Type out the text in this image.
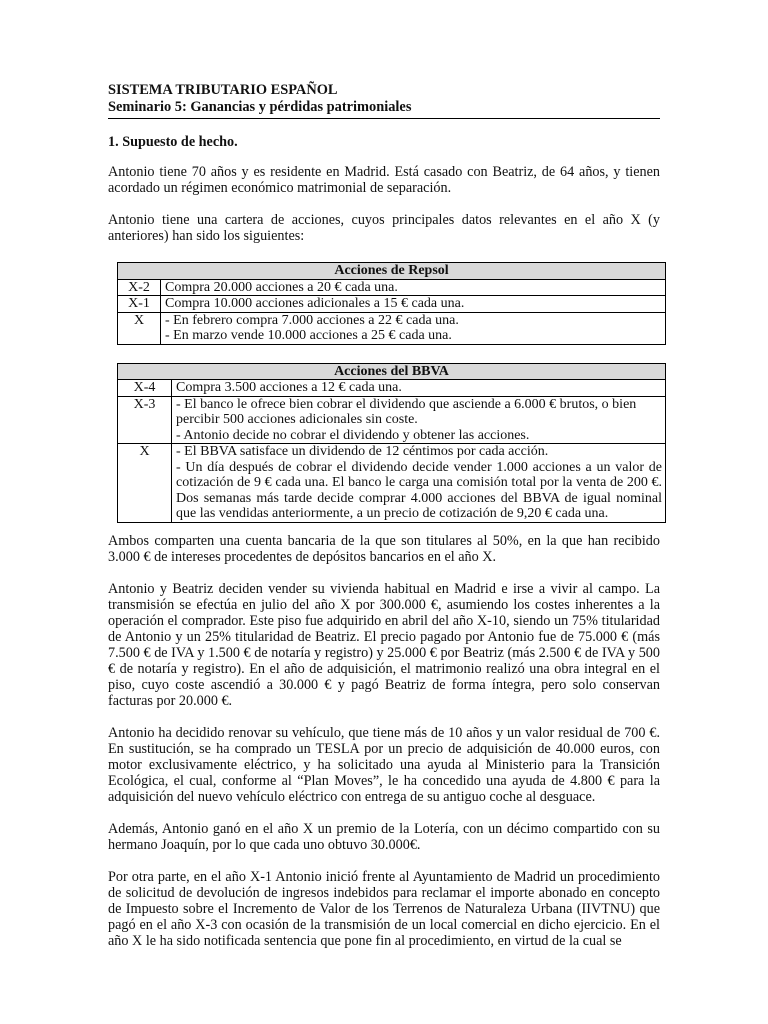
SISTEMA TRIBUTARIO ESPAÑOL
Seminario 5: Ganancias y pérdidas patrimoniales
1. Supuesto de hecho.

Antonio tiene 70 años y es residente en Madrid. Está casado con Beatriz, de 64 años, y tienen acordado un régimen económico matrimonial de separación.

Antonio tiene una cartera de acciones, cuyos principales datos relevantes en el año X (y anteriores) han sido los siguientes:

Acciones de Repsol	
X-2	Compra 20.000 acciones a 20 € cada una.

X-1	Compra 10.000 acciones adicionales a 15 € cada una.

X	- En febrero compra 7.000 acciones a 22 € cada una.
- En marzo vende 10.000 acciones a 25 € cada una.
Acciones del BBVA	
X-4	Compra 3.500 acciones a 12 € cada una.

X-3	- El banco le ofrece bien cobrar el dividendo que asciende a 6.000 € brutos, o bien percibir 500 acciones adicionales sin coste.
- Antonio decide no cobrar el dividendo y obtener las acciones.

X	- El BBVA satisface un dividendo de 12 céntimos por cada acción.
- Un día después de cobrar el dividendo decide vender 1.000 acciones a un valor de cotización de 9 € cada una. El banco le carga una comisión total por la venta de 200 €. Dos semanas más tarde decide comprar 4.000 acciones del BBVA de igual nominal que las vendidas anteriormente, a un precio de cotización de 9,20 € cada una.

Ambos comparten una cuenta bancaria de la que son titulares al 50%, en la que han recibido 3.000 € de intereses procedentes de depósitos bancarios en el año X.

Antonio y Beatriz deciden vender su vivienda habitual en Madrid e irse a vivir al campo. La transmisión se efectúa en julio del año X por 300.000 €, asumiendo los costes inherentes a la operación el comprador. Este piso fue adquirido en abril del año X-10, siendo un 75% titularidad de Antonio y un 25% titularidad de Beatriz. El precio pagado por Antonio fue de 75.000 € (más 7.500 € de IVA y 1.500 € de notaría y registro) y 25.000 € por Beatriz (más 2.500 € de IVA y 500 € de notaría y registro). En el año de adquisición, el matrimonio realizó una obra integral en el piso, cuyo coste ascendió a 30.000 € y pagó Beatriz de forma íntegra, pero solo conservan facturas por 20.000 €.

Antonio ha decidido renovar su vehículo, que tiene más de 10 años y un valor residual de 700 €. En sustitución, se ha comprado un TESLA por un precio de adquisición de 40.000 euros, con motor exclusivamente eléctrico, y ha solicitado una ayuda al Ministerio para la Transición Ecológica, el cual, conforme al “Plan Moves”, le ha concedido una ayuda de 4.800 € para la adquisición del nuevo vehículo eléctrico con entrega de su antiguo coche al desguace.

Además, Antonio ganó en el año X un premio de la Lotería, con un décimo compartido con su hermano Joaquín, por lo que cada uno obtuvo 30.000€.

Por otra parte, en el año X-1 Antonio inició frente al Ayuntamiento de Madrid un procedimiento de solicitud de devolución de ingresos indebidos para reclamar el importe abonado en concepto de Impuesto sobre el Incremento de Valor de los Terrenos de Naturaleza Urbana (IIVTNU) que pagó en el año X-3 con ocasión de la transmisión de un local comercial en dicho ejercicio. En el año X le ha sido notificada sentencia que pone fin al procedimiento, en virtud de la cual se
